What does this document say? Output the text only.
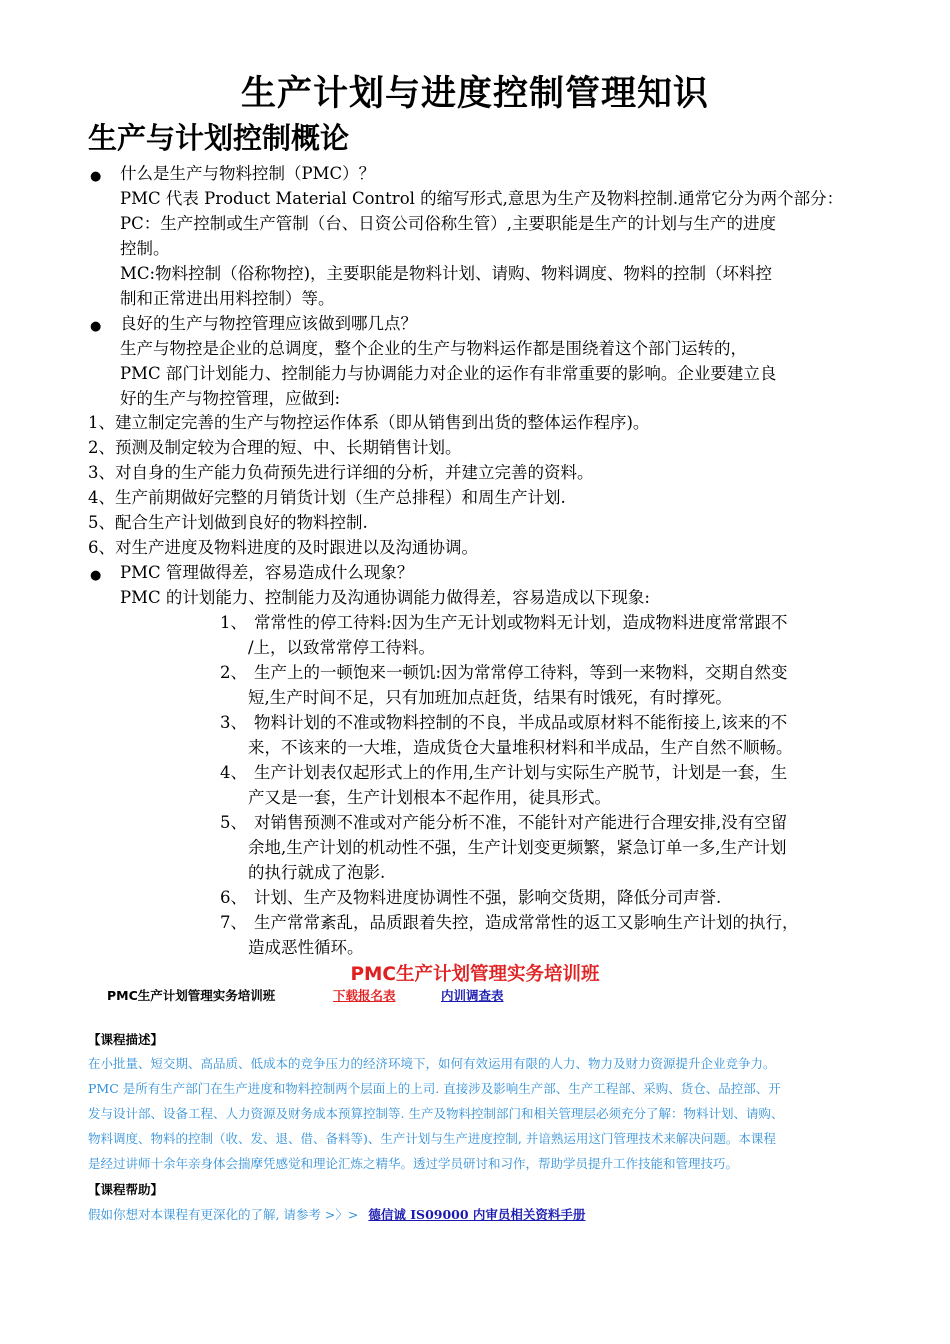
生产计划与进度控制管理知识
生产与计划控制概论
● 什么是生产与物料控制（PMC）？
PMC 代表 Product Material Control 的缩写形式,意思为生产及物料控制.通常它分为两个部分：
PC：生产控制或生产管制（台、日资公司俗称生管）,主要职能是生产的计划与生产的进度
控制。
MC:物料控制（俗称物控)，主要职能是物料计划、请购、物料调度、物料的控制（坏料控
制和正常进出用料控制）等。
● 良好的生产与物控管理应该做到哪几点？
生产与物控是企业的总调度，整个企业的生产与物料运作都是围绕着这个部门运转的，
PMC 部门计划能力、控制能力与协调能力对企业的运作有非常重要的影响。企业要建立良
好的生产与物控管理，应做到:
1、建立制定完善的生产与物控运作体系（即从销售到出货的整体运作程序)。
2、预测及制定较为合理的短、中、长期销售计划。
3、对自身的生产能力负荷预先进行详细的分析，并建立完善的资料。
4、生产前期做好完整的月销货计划（生产总排程）和周生产计划.
5、配合生产计划做到良好的物料控制.
6、对生产进度及物料进度的及时跟进以及沟通协调。
● PMC 管理做得差，容易造成什么现象？
PMC 的计划能力、控制能力及沟通协调能力做得差，容易造成以下现象:
1、 常常性的停工待料:因为生产无计划或物料无计划，造成物料进度常常跟不
/上，以致常常停工待料。
2、 生产上的一顿饱来一顿饥:因为常常停工待料，等到一来物料，交期自然变
短,生产时间不足，只有加班加点赶货，结果有时饿死，有时撑死。
3、 物料计划的不准或物料控制的不良，半成品或原材料不能衔接上,该来的不
来，不该来的一大堆，造成货仓大量堆积材料和半成品，生产自然不顺畅。
4、 生产计划表仅起形式上的作用,生产计划与实际生产脱节，计划是一套，生
产又是一套，生产计划根本不起作用，徒具形式。
5、 对销售预测不准或对产能分析不准，不能针对产能进行合理安排,没有空留
余地,生产计划的机动性不强，生产计划变更频繁，紧急订单一多,生产计划
的执行就成了泡影.
6、 计划、生产及物料进度协调性不强，影响交货期，降低分司声誉.
7、 生产常常紊乱，品质跟着失控，造成常常性的返工又影响生产计划的执行，
造成恶性循环。
PMC生产计划管理实务培训班
PMC生产计划管理实务培训班	下载报名表	内训调查表
【课程描述】
在小批量、短交期、高品质、低成本的竞争压力的经济环境下，如何有效运用有限的人力、物力及财力资源提升企业竞争力。
PMC 是所有生产部门在生产进度和物料控制两个层面上的上司. 直接涉及影响生产部、生产工程部、采购、货仓、品控部、开
发与设计部、设备工程、人力资源及财务成本预算控制等. 生产及物料控制部门和相关管理层必须充分了解：物料计划、请购、
物料调度、物料的控制（收、发、退、借、备料等)、生产计划与生产进度控制, 并谙熟运用这门管理技术来解决问题。本课程
是经过讲师十余年亲身体会揣摩凭感觉和理论汇炼之精华。透过学员研讨和习作，帮助学员提升工作技能和管理技巧。
【课程帮助】
假如你想对本课程有更深化的了解, 请参考 >〉> 德信诚 IS09000 内审员相关资料手册
